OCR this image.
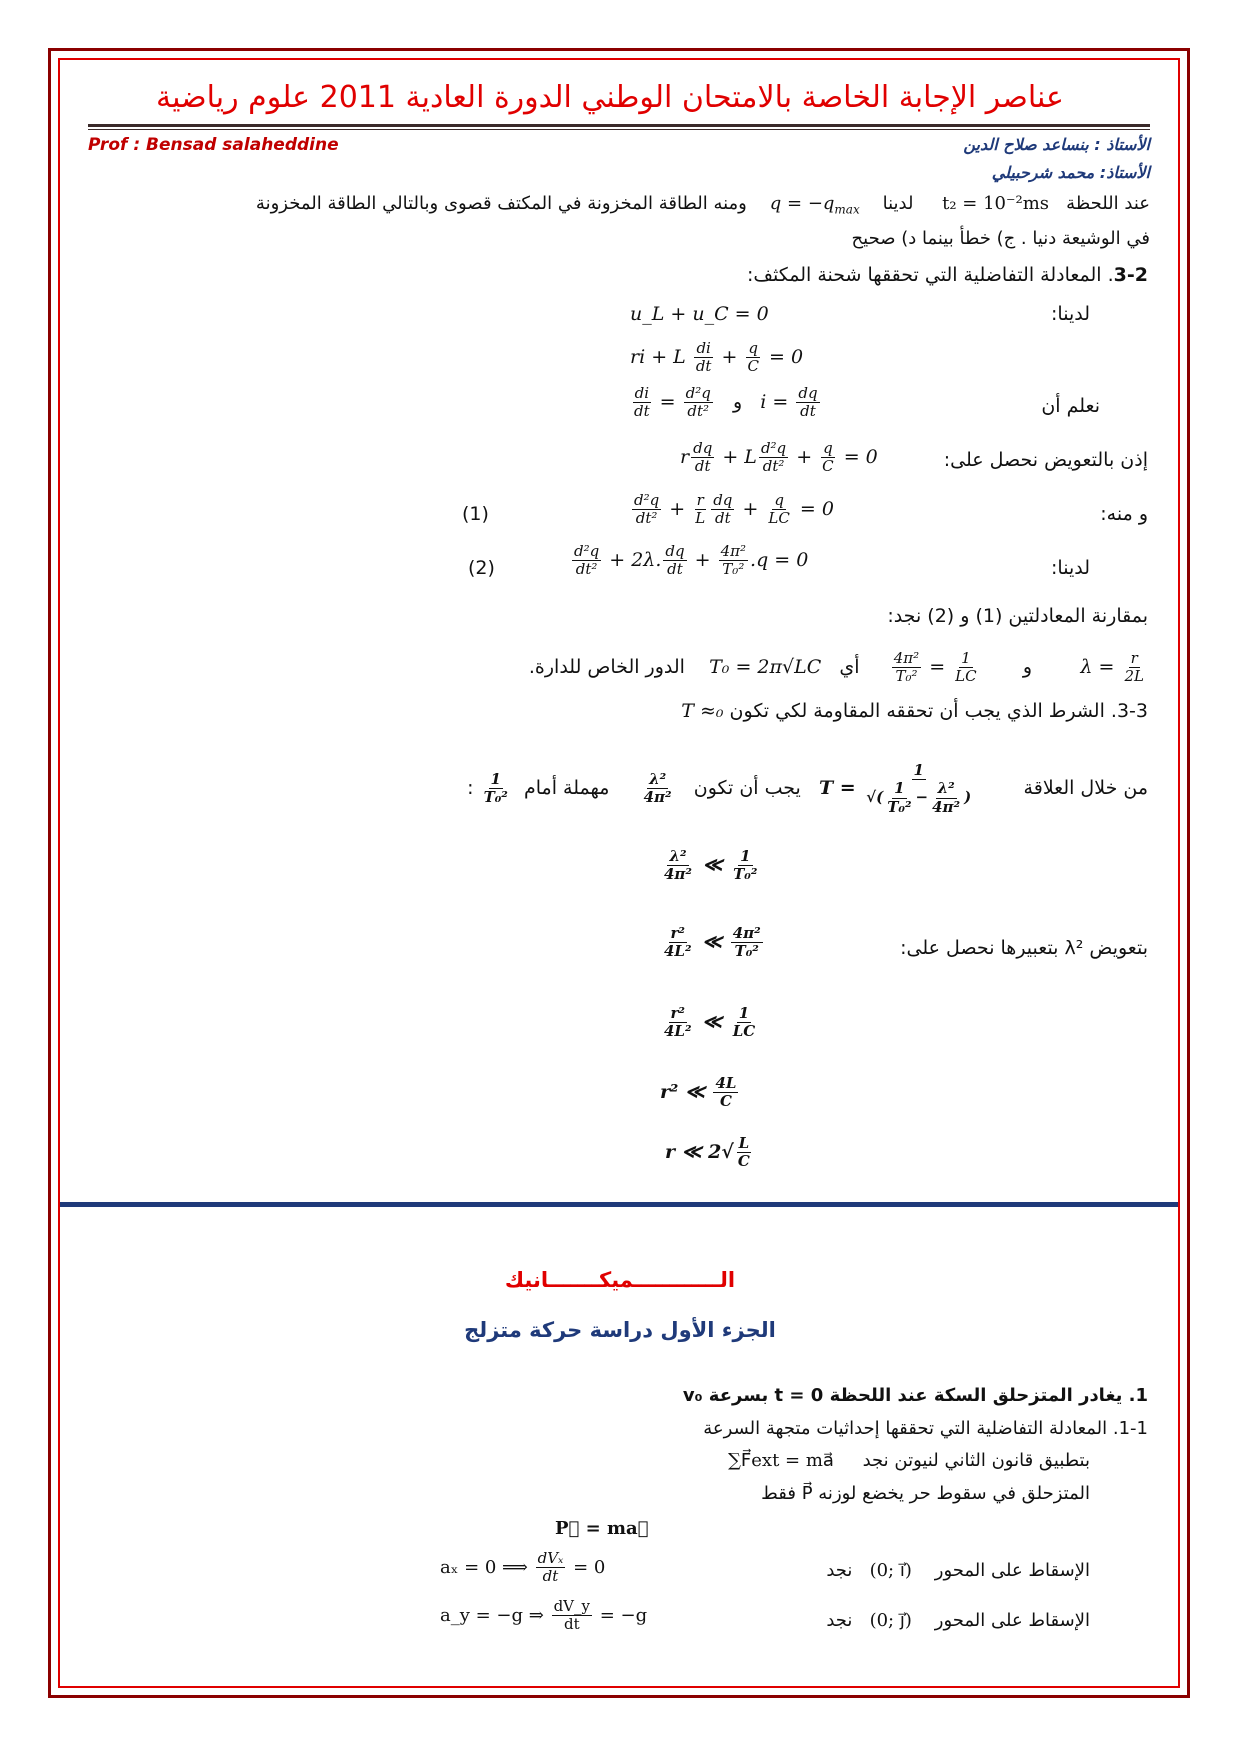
عناصر الإجابة الخاصة بالامتحان الوطني الدورة العادية 2011 علوم رياضية
Prof : Bensad salaheddine	الأستاذ : بنساعد صلاح الدين
الأستاذ: محمد شرحبيلي
عند اللحظة   t₂ = 10⁻²ms     لدينا    $q = -q_{max}$    ومنه الطاقة المخزونة في المكتف قصوى وبالتالي الطاقة المخزونة
في الوشيعة دنيا . ج) خطأ بينما د) صحيح
3-2. المعادلة التفاضلية التي تحققها شحنة المكثف:
لدينا:
u_L + u_C = 0
ri + L $\frac{di}{dt} + \frac{q}{C} = 0$
نعلم أن
$\frac{di}{dt} = \frac{\text{d²q}}{\text{dt²}}$ و   $i = \frac{dq}{dt}$
r $\frac{dq}{dt} + L \frac{\text{d²q}}{\text{dt²}} + \frac{q}{C} = 0$	إذن بالتعويض نحصل على:
و منه:
$\frac{\text{d²q}}{\text{dt²}} + \frac{r}{L} \frac{dq}{dt} + \frac{q}{LC} = 0$
(1)
لدينا:
$\frac{\text{d²q}}{\text{dt²}} + 2\lambda$. $\frac{dq}{dt} + \frac{\text{4π²}}{\text{T₀²}} .q = 0$
(2)
بمقارنة المعادلتين (1) و (2) نجد:
$\lambda = \frac{r}{2L}$
و
$\frac{\text{4π²}}{\text{T₀²}} = \frac{1}{LC}$
أي   T₀ = 2π√LC    الدور الخاص للدارة.
3-3. الشرط الذي يجب أن تحققه المقاومة لكي تكون T ≈₀
من خلال العلاقة        $T = \frac{1}{√( \frac{1}{\text{T₀²}} - \frac{\text{λ²}}{\text{4π²}} )}$
يجب أن تكون
$\frac{\text{λ²}}{\text{4π²}}$
مهملة أمام
$\frac{1}{\text{T₀²}}$
:
$\frac{\text{λ²}}{\text{4π²}}$ ≪ $\frac{1}{\text{T₀²}}$
$\frac{\text{r²}}{\text{4L²}}$ ≪ $\frac{\text{4π²}}{\text{T₀²}}$	بتعويض λ² بتعبيرها نحصل على:
$\frac{\text{r²}}{\text{4L²}}$ ≪ $\frac{1}{LC}$
r² ≪ $\frac{4L}{C}$
r ≪ $2√ \frac{L}{C}$
الــــــــــــميكـــــــانيك
الجزء الأول دراسة حركة متزلج
1. يغادر المتزحلق السكة عند اللحظة t = 0 بسرعة v₀
1-1. المعادلة التفاضلية التي تحققها إحداثيات متجهة السرعة
بتطبيق قانون الثاني لنيوتن نجد     ∑F⃗ext = ma⃗
المتزحلق في سقوط حر يخضع لوزنه P⃗ فقط
P⃗ = ma⃗
الإسقاط على المحور    (0; i⃗)   نجد
aₓ = 0 ⟹ $\frac{\text{dVₓ}}{dt} = 0$
الإسقاط على المحور    (0; j⃗)   نجد
a_y = −g ⇒ $\frac{dV\_y}{dt} = -g$
